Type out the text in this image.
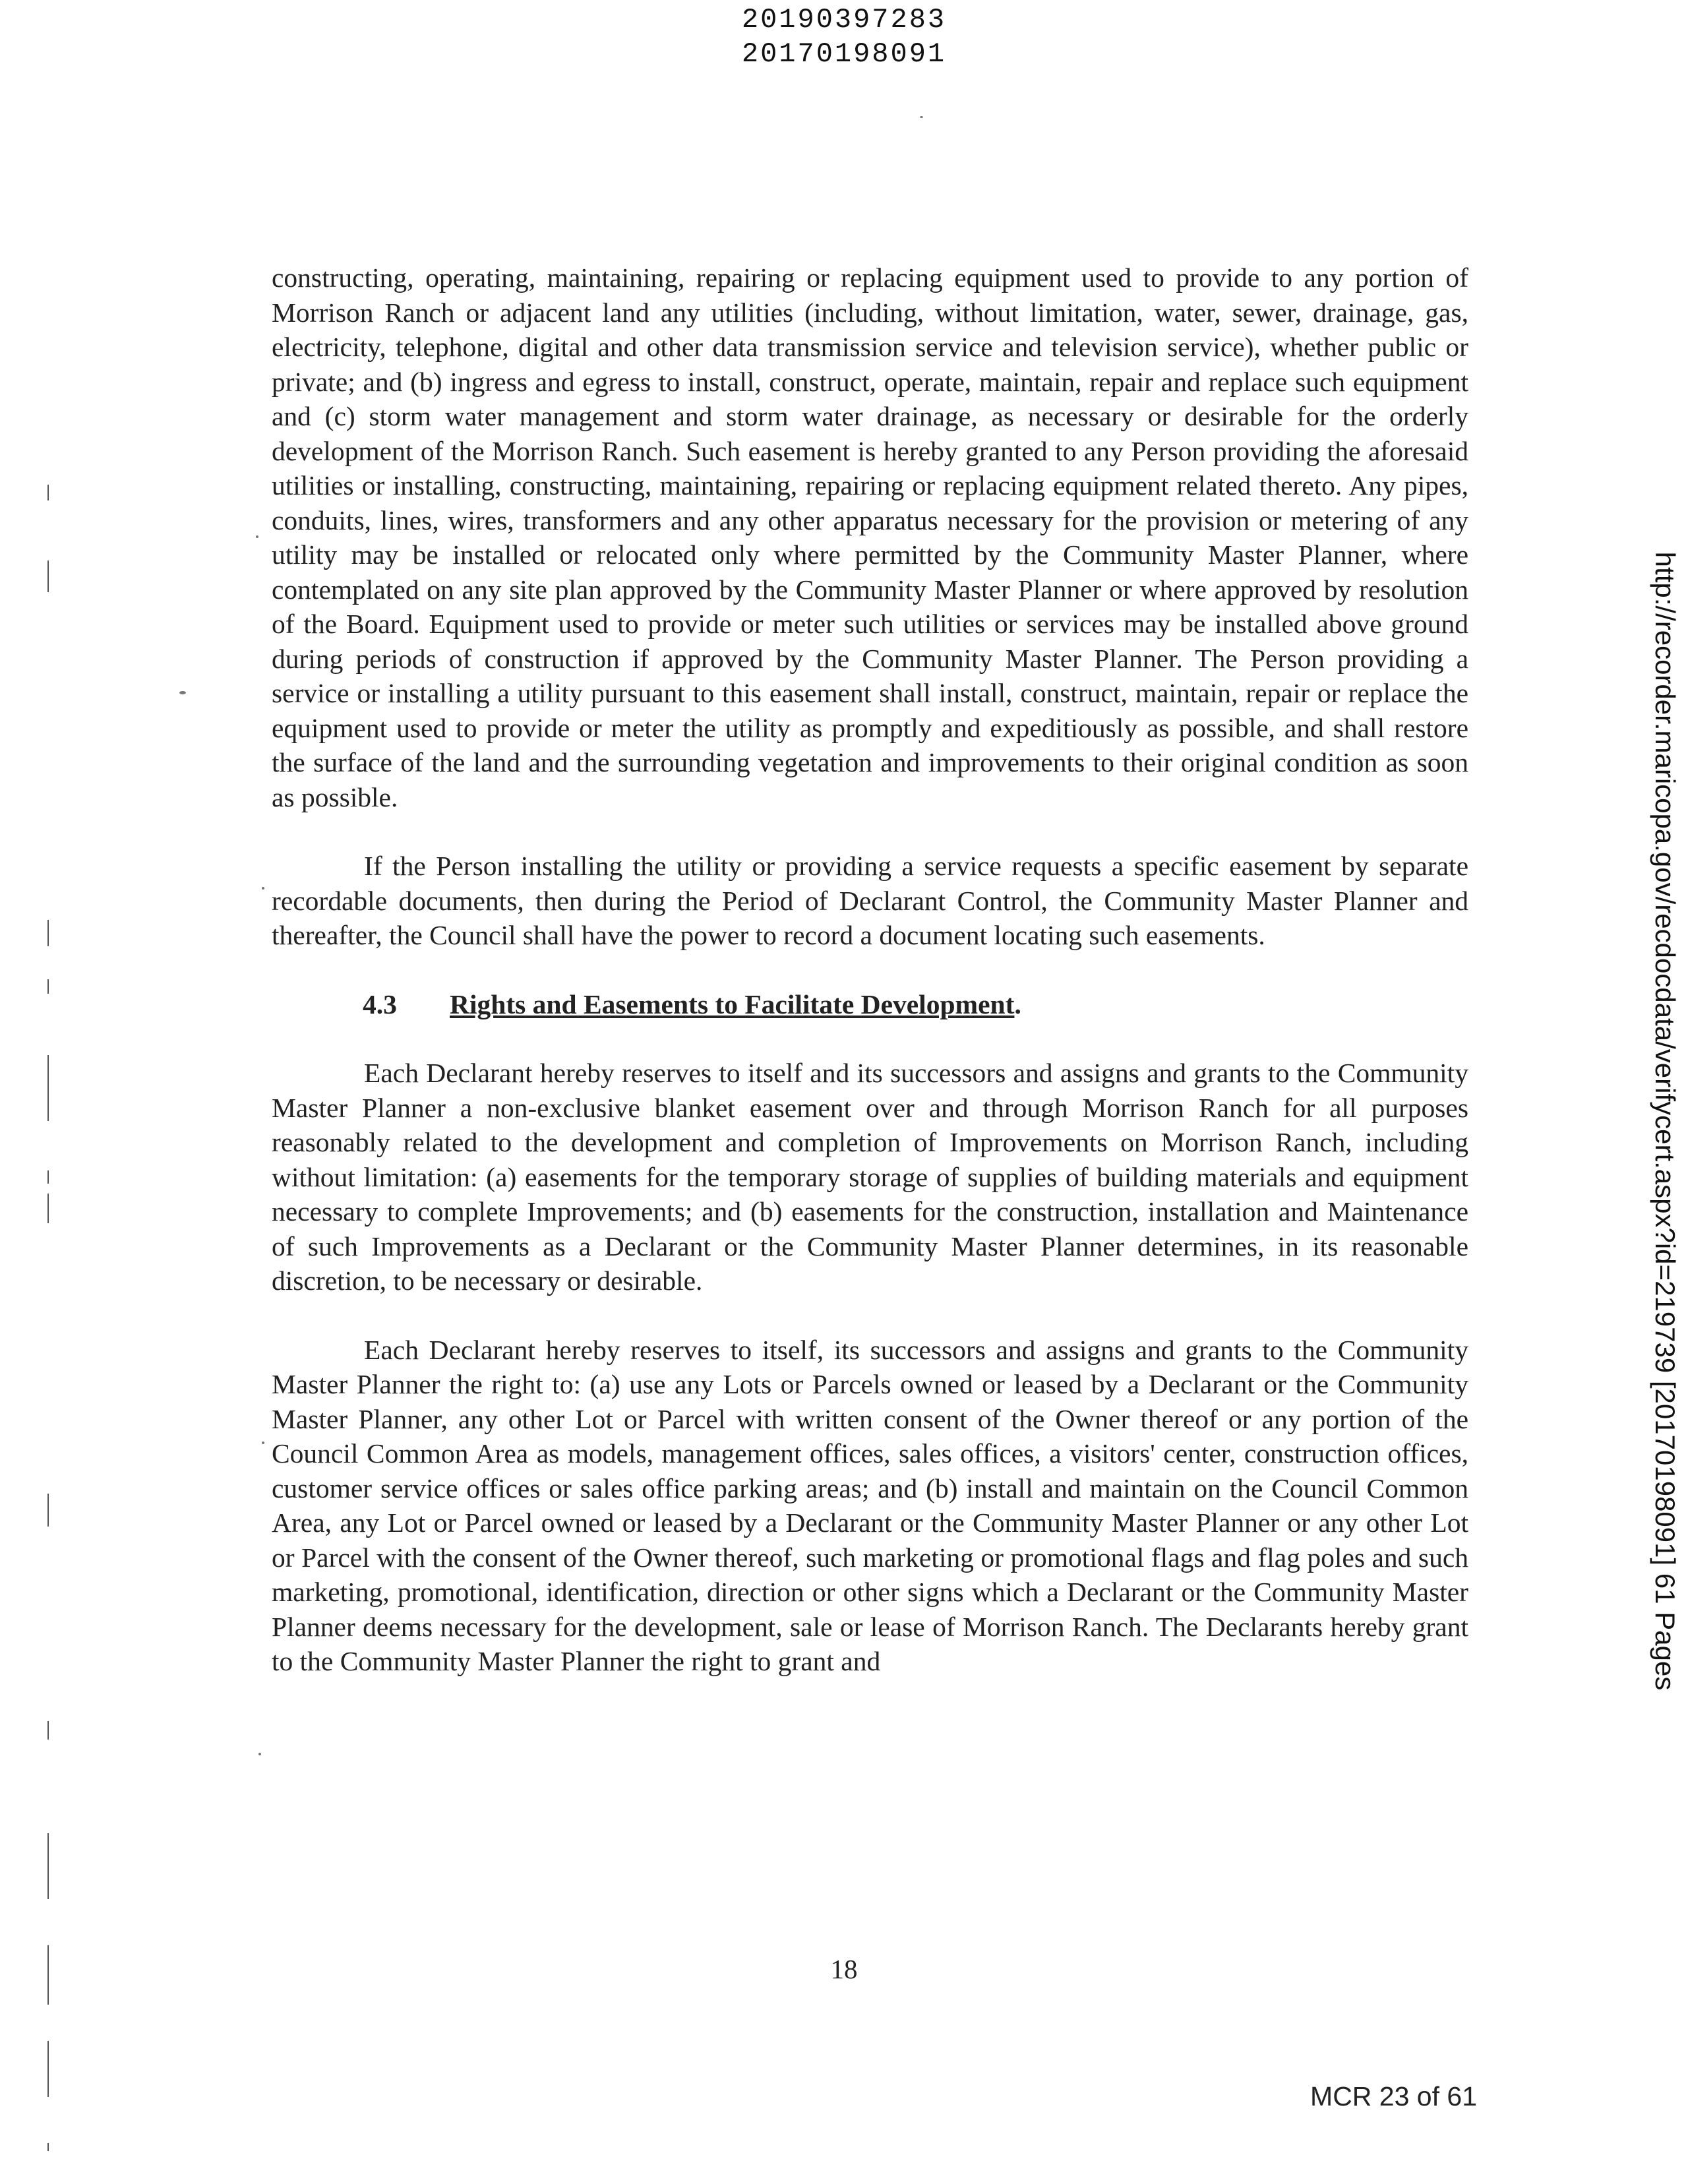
20190397283
20170198091

constructing, operating, maintaining, repairing or replacing equipment used to provide to any portion of Morrison Ranch or adjacent land any utilities (including, without limitation, water, sewer, drainage, gas, electricity, telephone, digital and other data transmission service and television service), whether public or private; and (b) ingress and egress to install, construct, operate, maintain, repair and replace such equipment and (c) storm water management and storm water drainage, as necessary or desirable for the orderly development of the Morrison Ranch. Such easement is hereby granted to any Person providing the aforesaid utilities or installing, constructing, maintaining, repairing or replacing equipment related thereto. Any pipes, conduits, lines, wires, transformers and any other apparatus necessary for the provision or metering of any utility may be installed or relocated only where permitted by the Community Master Planner, where contemplated on any site plan approved by the Community Master Planner or where approved by resolution of the Board. Equipment used to provide or meter such utilities or services may be installed above ground during periods of construction if approved by the Community Master Planner. The Person providing a service or installing a utility pursuant to this easement shall install, construct, maintain, repair or replace the equipment used to provide or meter the utility as promptly and expeditiously as possible, and shall restore the surface of the land and the surrounding vegetation and improvements to their original condition as soon as possible.

If the Person installing the utility or providing a service requests a specific easement by separate recordable documents, then during the Period of Declarant Control, the Community Master Planner and thereafter, the Council shall have the power to record a document locating such easements.

4.3 Rights and Easements to Facilitate Development.

Each Declarant hereby reserves to itself and its successors and assigns and grants to the Community Master Planner a non-exclusive blanket easement over and through Morrison Ranch for all purposes reasonably related to the development and completion of Improvements on Morrison Ranch, including without limitation: (a) easements for the temporary storage of supplies of building materials and equipment necessary to complete Improvements; and (b) easements for the construction, installation and Maintenance of such Improvements as a Declarant or the Community Master Planner determines, in its reasonable discretion, to be necessary or desirable.

Each Declarant hereby reserves to itself, its successors and assigns and grants to the Community Master Planner the right to: (a) use any Lots or Parcels owned or leased by a Declarant or the Community Master Planner, any other Lot or Parcel with written consent of the Owner thereof or any portion of the Council Common Area as models, management offices, sales offices, a visitors' center, construction offices, customer service offices or sales office parking areas; and (b) install and maintain on the Council Common Area, any Lot or Parcel owned or leased by a Declarant or the Community Master Planner or any other Lot or Parcel with the consent of the Owner thereof, such marketing or promotional flags and flag poles and such marketing, promotional, identification, direction or other signs which a Declarant or the Community Master Planner deems necessary for the development, sale or lease of Morrison Ranch. The Declarants hereby grant to the Community Master Planner the right to grant and

18
MCR 23 of 61
http://recorder.maricopa.gov/recdocdata/verifycert.aspx?id=219739 [20170198091] 61 Pages
